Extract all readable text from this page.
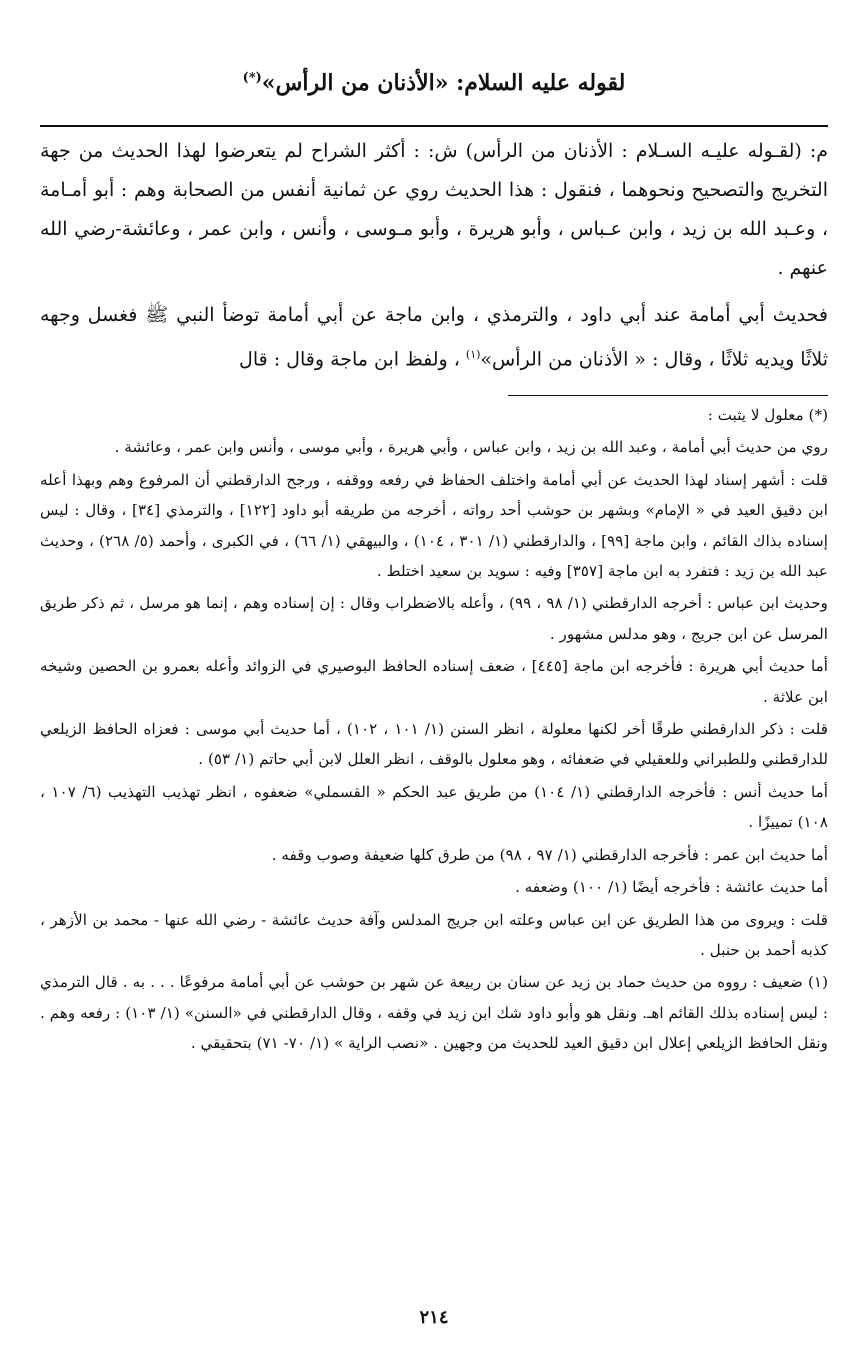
لقوله عليه السلام: «الأذنان من الرأس»(*)

م: (لقـوله عليـه السـلام : الأذنان من الرأس) ش: : أكثر الشراح لم يتعرضوا لهذا الحديث من جهة التخريج والتصحيح ونحوهما ، فنقول : هذا الحديث روي عن ثمانية أنفس من الصحابة وهم : أبو أمـامة ، وعـبد الله بن زيد ، وابن عـباس ، وأبو هريرة ، وأبو مـوسى ، وأنس ، وابن عمر ، وعائشة-رضي الله عنهم .

فحديث أبي أمامة عند أبي داود ، والترمذي ، وابن ماجة عن أبي أمامة توضأ النبي ﷺ فغسل وجهه ثلاثًا ويديه ثلاثًا ، وقال : « الأذنان من الرأس»$^{(١)}$ ، ولفظ ابن ماجة وقال : قال

(*) معلول لا يثبت :

روي من حديث أبي أمامة ، وعبد الله بن زيد ، وابن عباس ، وأبي هريرة ، وأبي موسى ، وأنس وابن عمر ، وعائشة .

قلت : أشهر إسناد لهذا الحديث عن أبي أمامة واختلف الحفاظ في رفعه ووقفه ، ورجح الدارقطني أن المرفوع وهم وبهذا أعله ابن دقيق العيد في « الإمام» وبشهر بن حوشب أحد رواته ، أخرجه من طريقه أبو داود [١٢٢] ، والترمذي [٣٤] ، وقال : ليس إسناده بذاك القائم ، وابن ماجة [٩٩] ، والدارقطني (١/ ٣٠١ ، ١٠٤) ، والبيهقي (١/ ٦٦) ، في الكبرى ، وأحمد (٥/ ٢٦٨) ، وحديث عبد الله بن زيد : فتفرد به ابن ماجة [٣٥٧] وفيه : سويد بن سعيد اختلط .

وحديث ابن عباس : أخرجه الدارقطني (١/ ٩٨ ، ٩٩) ، وأعله بالاضطراب وقال : إن إسناده وهم ، إنما هو مرسل ، ثم ذكر طريق المرسل عن ابن جريج ، وهو مدلس مشهور .

أما حديث أبي هريرة : فأخرجه ابن ماجة [٤٤٥] ، ضعف إسناده الحافظ البوصيري في الزوائد وأعله بعمرو بن الحصين وشيخه ابن علاثة .

قلت : ذكر الدارقطني طرقًا أخر لكنها معلولة ، انظر السنن (١/ ١٠١ ، ١٠٢) ، أما حديث أبي موسى : فعزاه الحافظ الزيلعي للدارقطني وللطبراني وللعقيلي في ضعفائه ، وهو معلول بالوقف ، انظر العلل لابن أبي حاتم (١/ ٥٣) .

أما حديث أنس : فأخرجه الدارقطني (١/ ١٠٤) من طريق عبد الحكم « القسملي» ضعفوه ، انظر تهذيب التهذيب (٦/ ١٠٧ ، ١٠٨) تمييزًا .

أما حديث ابن عمر : فأخرجه الدارقطني (١/ ٩٧ ، ٩٨) من طرق كلها ضعيفة وصوب وقفه .

أما حديث عائشة : فأخرجه أيضًا (١/ ١٠٠) وضعفه .

قلت : ويروى من هذا الطريق عن ابن عباس وعلته ابن جريج المدلس وآفة حديث عائشة - رضي الله عنها - محمد بن الأزهر ، كذبه أحمد بن حنبل .

(١) ضعيف : رووه من حديث حماد بن زيد عن سنان بن ربيعة عن شهر بن حوشب عن أبي أمامة مرفوعًا . . . به . قال الترمذي : ليس إسناده بذلك القائم اهـ. ونقل هو وأبو داود شك ابن زيد في وقفه ، وقال الدارقطني في «السنن» (١/ ١٠٣) : رفعه وهم . ونقل الحافظ الزيلعي إعلال ابن دقيق العيد للحديث من وجهين . «نصب الراية » (١/ ٧٠- ٧١) بتحقيقي .

٢١٤
